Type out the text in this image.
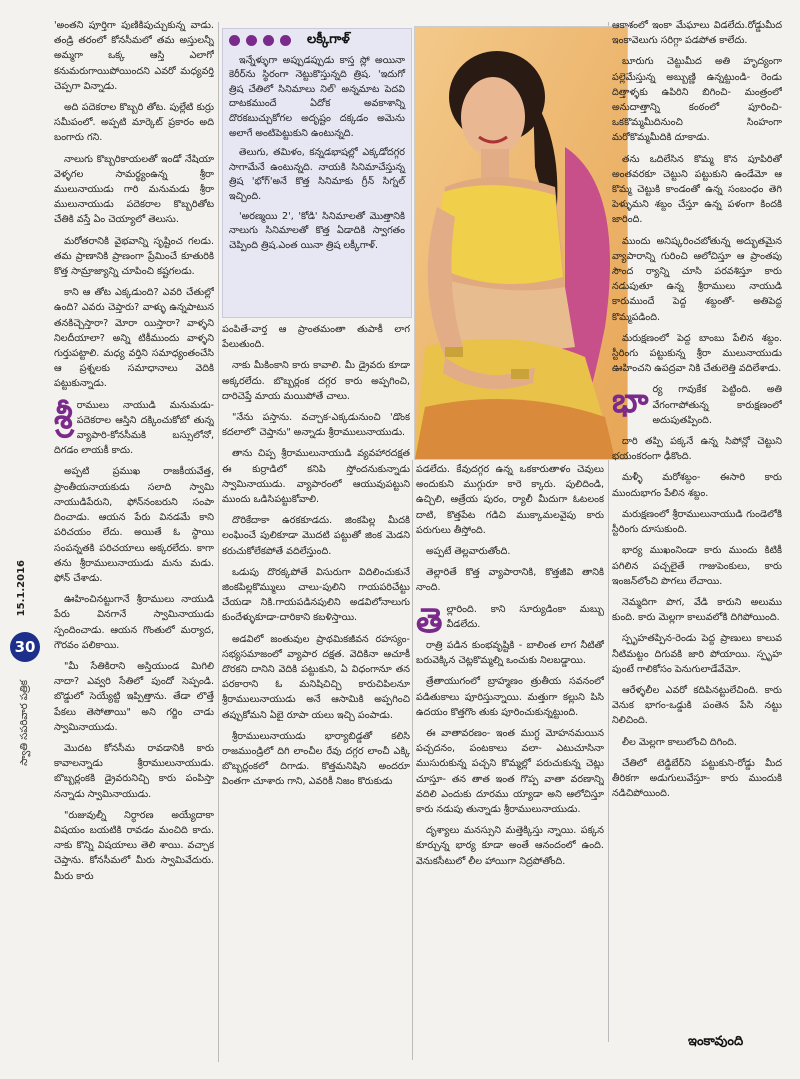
15.1.2016
30
స్వాతి సపరివార పత్రిక

'అంతని పూర్తిగా పుణికిపుచ్చుకున్న వాడు. తండ్రి తరంలో కోనసీమలో తమ అస్తులన్నీ అమ్మగా ఒక్క ఆస్తి ఎలాగో కనుమరుగాయిపోయిందని ఎవరో మధ్యవర్తి చెప్పగా విన్నాడు.

అది పదెకరాల కొబ్బరి తోట. పుల్లేటి కుర్రు సమీపంలో. అప్పటి మార్కెట్ ప్రకారం అది బంగారు గని.

నాలుగు కొబ్బరికాయలతో ఇండో నేషియా వెళ్ళగల సామర్థ్యంఉన్న శ్రీరా ములునాయుడు గారి మనుమడు శ్రీరా ములునాయుడు పదెకరాల కొబ్బరితోట చేతికి వస్తే ఏం చెయ్యాలో తెలుసు.

మరోతరానికి వైభవాన్ని సృష్టించ గలడు. తమ ప్రాణానికి ప్రాణంగా ప్రేమించే కూతురికి కొత్త సామ్రాజ్యాన్ని చూపించి కష్టగలడు.

కాని ఆ తోట ఎక్కడుంది? ఎవరి చేతుల్లో ఉంది? ఎవరు చెప్తారు? వాళ్ళు ఉన్నపాటున తనకిచ్చెస్తారా? మోరా యిస్తారా? వాళ్ళని నిలదీయాలా? అన్ని టికీముందు వాళ్ళని గుర్తుపట్టాలి. మధ్య వర్తిని సమాధ్యంతంచేసి ఆ ప్రశ్నలకు సమాధానాలు వెదికి పట్టుకున్నాడు.

శ్రీ రాములు నాయుడి మనుమడు-పదెకరాల ఆస్తిని దక్కించుకోబో తున్న వ్యాపారి-కోనసీమకి బస్సులోనో, దిగడం లాయకీ కాదు.

అప్పటి ప్రముఖ రాజకీయవేత్త, ప్రాంతీయనాయకుడు సలాది స్వామి నాయుడిపేరుని, ఫోన్‌నంబరుని సంపా దించాడు. ఆయన పేరు వినడమే కాని పరిచయం లేదు. అయితే ఓ స్థాయి సంపన్నతకి పరిచయాలు అక్కరలేదు. కాగా తను శ్రీరాములునాయుడు మను మడు. ఫోన్ చేశాడు.

ఊహించినట్టుగానే శ్రీరాములు నాయుడి పేరు వినగానే స్వామినాయుడు స్పందించాడు. ఆయన గొంతులో మర్యాద, గౌరవం పలికాయి.

"మీ సేతికిరాని అస్తియుండ మిగిలి నాదా? ఎవ్వరి సేతిలో పుందో సెప్పండి. బొడ్డులో సెయ్యేట్టి ఇప్పిత్తాను. తేడా లొత్తే పేకలు తెసోతాయి" అని గర్జిం చాడు స్వామినాయుడు.

మొదట కోనసీమ రావడానికి కారు కావాలన్నాడు శ్రీరాములునాయుడు. బొబ్బర్లంకకి డ్రైవరునిచ్చి కారు పంపిస్తా నన్నాడు స్వామినాయుడు.

"రుజువుల్నీ నిర్ధారణ అయ్యేదాకా విషయం బయటికి రావడం మంచిది కాదు. నాకు కొన్ని విషయాలు తెలి శాయి. వచ్చాక చెప్తాను. కోనసీమలో మీరు స్వామివేదురు. మీరు కారు

లక్కీగాళ్

ఇన్నేళ్ళుగా అప్పుడప్పుడు కాస్త స్లో అయినా కెరీర్‌ను స్థిరంగా నెట్టుకొస్తున్నది త్రిష. 'ఇదుగో త్రిష చేతిలో సినిమాలు నిల్' అన్నమాట పెదవి దాటకముందే ఏదోక అవకాశాన్ని దొరకబుచ్చుకోగల అదృష్టం దక్కడం అమెను అలాగే అంటిపెట్టుకుని ఉంటున్నది.

తెలుగు, తమిళం, కన్నడభాషల్లో ఎక్కడోదగ్గర సాగామేనే ఉంటున్నది. నాయకి సినిమాచేస్తున్న త్రిష 'భోగ్'అనే కొత్త సినిమాకు గ్రీన్ సిగ్నల్ ఇచ్చింది.

'అరణ్మయి 2', 'కోడి' సినిమాలతో మొత్తానికి నాలుగు సినిమాలతో కొత్త ఏడాదికి స్వాగతం చెప్పింది త్రిష.ఎంత యినా త్రిష లక్కీగాళ్.

పంపితే-వార్త ఆ ప్రాంతమంతా తుపాకీ లాగ పేలుతుంది.

నాకు మీకింకాని కారు కావాలి. మీ డ్రైవరు కూడా అక్కరలేదు. బొబ్బర్లంక దగ్గర కారు అప్పగించి, దారిచెప్తే మాయ మయిపోతే చాలు.

"నేను పస్తాను. వచ్చాక-ఎక్కడునుంచి 'డొంక కదలాలో' చెప్తాను" అన్నాడు శ్రీరాములునాయుడు.

తాను చిప్ప శ్రీరాములునాయుడి వ్యవహారదక్షత ఈ కుర్రాడిలో కనిపి స్తోందనుకున్నాడు స్వామినాయుడు. వ్యాపారంలో ఆయువుపట్టుని ముందు ఒడిసిపట్టుకోవాలి.

దొరికేదాకా ఉరకకూడదు. జింకపిల్ల మీదకి లంఘించే పులికూడా మొదటి పట్టుతో జింక మెడని కరుచుకోలేకపోతే వదిలేస్తుంది.

ఒడుపు దొరక్కపోతే విసురుగా విదిలించుకునే జింకపిల్లకొమ్ములు చాలు-పులిని గాయపరిచేట్టు చేయడా నికి.గాయపడినపులిని అడవిలోనాలుగు కుందేళ్ళుకూడా-దారికాని కబళిస్తాయి.

అడవిలో జంతువుల ప్రాథమికజీవన రహస్యం- సభ్యసమాజంలో వ్యాపార దక్షత. వెదికినా ఆచూకీ దొరకని దానిని వెదికి పట్టుకుని, ఏ విధంగానూ తన పరకారాని ఓ మనిషిచిచ్చి కారుచిపిలనూ శ్రీరాములునాయుడు అనే ఆసామికి అప్పగించి తప్పుకోమని ఏబై రూపా యలు ఇచ్చి పంపాడు.

శ్రీరాములునాయుడు భార్యాబిడ్డతో కలిసి రాజముండ్రిలో దిగి లాంచీల రేవు దగ్గర లాంచీ ఎక్కి బొబ్బర్లంకలో దిగాడు. కొత్తమనిషిని అందరూ వింతగా చూశారు గాని, ఎవరికీ నిజం కొరుకుడు

పడలేదు. కేవుదగ్గర ఉన్న ఒకకారుతాళం చెవులు అందుకుని ముగ్గురూ కారె క్కారు. పులిదిండి, ఉచ్చిలి, ఆత్రేయ పురం, ర్యాలీ మీదుగా ఓటలంక దాటి, కొత్తపేట గడిచి ముక్కామలవైపు కారు పరుగులు తీస్తోంది.

అప్పటే తెల్లవారుతోంది.

తెల్లారితే కొత్త వ్యాపారానికి, కొత్తజీవి తానికి నాంది.

తెల్లారింది. కాని సూర్యుడింకా మబ్బు వీడలేదు.

రాత్రి పడిన కుంభవృష్టికి - బాలింత లాగ నీటితో బరువెక్కిన చెట్లకొమ్మల్ని ఒంచుకు నిలబడ్డాయి.

త్రేతాయుగంలో బ్రాహ్మణం త్రుతీయ సవనంలో పడితుకాలు పూరిస్తున్నాయి. మత్తుగా కల్లుని పిసి ఉదయం కొత్తగొం తుకు పూరించుకున్నట్టుంది.

ఈ వాతావరణం- ఇంత ముగ్ధ మోహనమయిన పచ్చదనం, పంటకాలు వలా- ఎటుచూసినా ముసురుకున్న పచ్చని కొమ్మల్లో పరుచుకున్న చెట్లు చూస్తూ- తన తాత ఇంత గొప్ప వాతా వరణాన్ని వదిలి ఎందుకు దూరము య్యాడా అని ఆలోచిస్తూ కారు నడుపు తున్నాడు శ్రీరాములునాయుడు.

దృశ్యాలు మనస్సుని మత్తెక్కిస్తు న్నాయి. పక్కన కూర్చున్న భార్య కూడా అంతే ఆనందంలో ఉంది. వెనుకసీటులో లీల హాయిగా నిద్రపోతోంది.

ఆకాశంలో ఇంకా మేఘాలు విడలేదు.రోడ్డుమీద ఇంకావెలుగు సరిగ్గా పడపోత కాలేదు.

బూరుగు చెట్టుమీద అతి హృద్యంగా పల్లెమేస్తున్న అబ్బుణ్ణి ఉన్నట్టుండి- రెండు దిత్తాళ్ళకు ఉపిరిని బిగించి- మంత్రంలో అనుదాత్తాన్ని కంఠంలో పూరించి- ఒకకొమ్మమీదినుంచి సింహంగా మరోకొమ్మమీదికి దూకాడు.

తను ఒదిలేసిన కొమ్మ కొన పూపిరితో అంతవరకూ చెట్టుని పట్టుకుని ఉండేమో ఆ కొమ్మ చెట్టుకి కాండంతో ఉన్న సంబంధం తెగి పెళ్ళుమని శబ్దం చేస్తూ ఉన్న పళంగా కిందకి జారింది.

ముందు అనిష్కరించబోతున్న అద్భుతమైన వ్యాపారాన్ని గురించి ఆలోచిస్తూ ఆ ప్రాంతపు సౌంద ర్యాన్ని చూసి పరవశిస్తూ కారు నడుపుతూ ఉన్న శ్రీరాములు నాయుడి కారుముందే పెద్ద శబ్దంతో- అతిపెద్ద కొమ్మపడింది.

మరుక్షణంలో పెద్ద బాంబు పేలిన శబ్దం. స్టీరింగు పట్టుకున్న శ్రీరా ములునాయుడు ఊహించని ఉపద్రవా నికి చేతులెత్తి వదిలేశాడు.

భార్య గావుకేక పెట్టింది. అతి వేగంగాపోతున్న కారుక్షణంలో అదుపుతప్పింది.

దారి తప్పి పక్కనే ఉన్న సిపోన్లో చెట్టుని భయంకరంగా ఢీకొంది.

మళ్ళీ మరోశబ్దం- ఈసారి కారు ముందుభాగం పేలిన శబ్దం.

మరుక్షణంలో శ్రీరాములునాయుడి గుండెలోకి స్టీరింగు దూసుకుంది.

భార్య ముఖంనిండా కారు ముందు కిటికీ పగిలిన పచ్చలైతే గాజుపెంకులు, కారు ఇంజన్‌లోంచి పొగలు లేచాయి.

నెమ్మదిగా పొగ, వేడి కారుని అలుము కుంది. కారు మెల్లగా కాలువలోకి దిగిపోయింది.

స్పృహతప్పిన-రెండు పెద్ద ప్రాణులు కాలువ నీటిమట్టం దిగువకి జారి పోయాయి. స్పృహ పుంటే గాలికోసం పెనుగులాడేవేమో.

ఆరేళ్ళలీల ఎవరో కదిపినట్టులేచింది. కారు వెనుక భాగం-ఒడ్డుకి పంతెన పేసి నట్టు నిలిచింది.

లీల మెల్లగా కాలులోంచి దిగింది.

చేతిలో టెడ్డిబేర్‌ని పట్టుకుని-రోడ్డు మీద తీరికగా అడుగులువేస్తూ- కారు ముందుకి నడిచిపోయింది.

ఇంకావుంది
